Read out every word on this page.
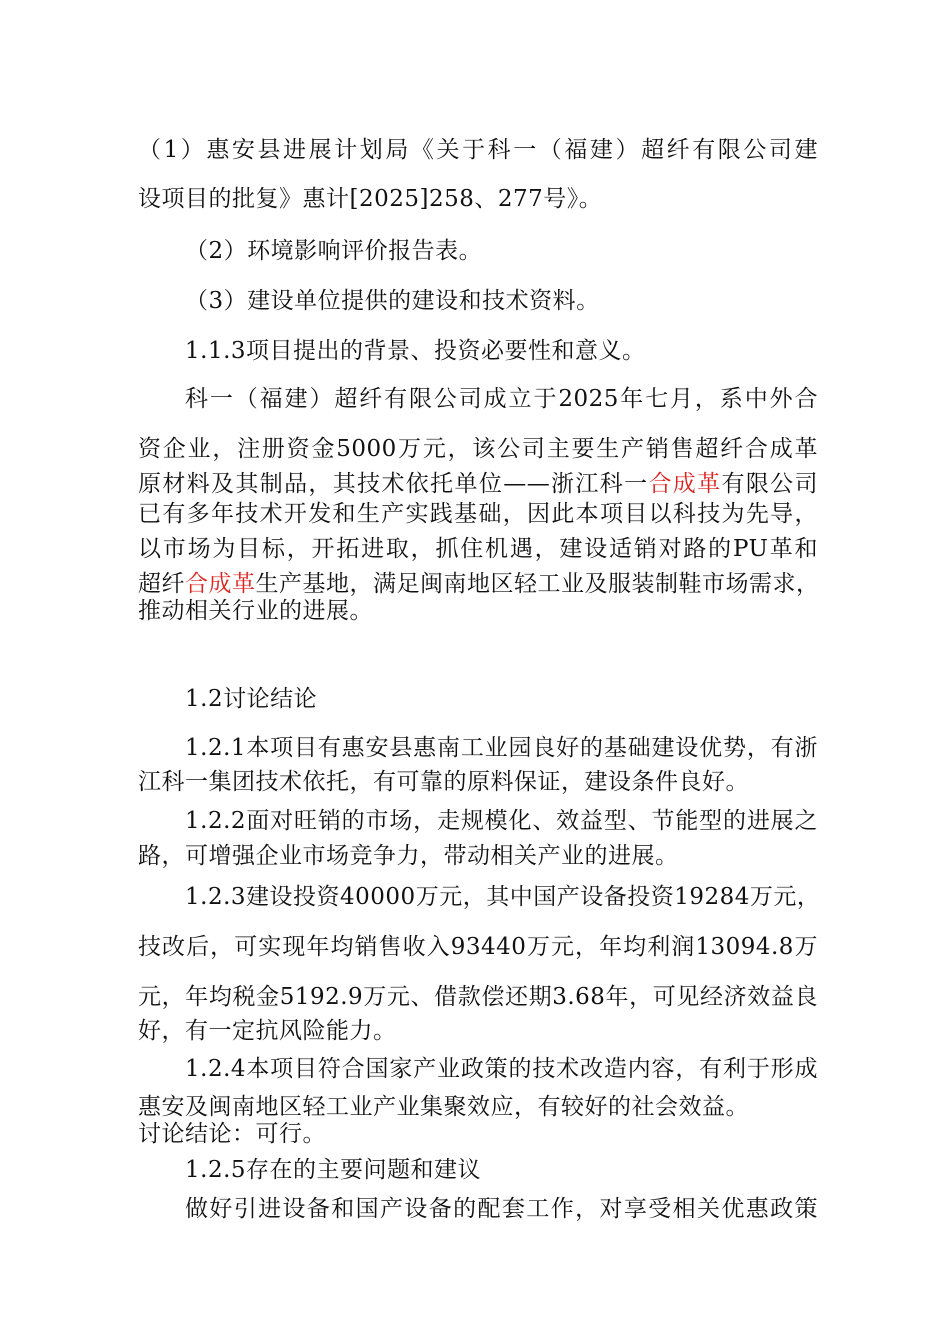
（1）惠安县进展计划局《关于科一（福建）超纤有限公司建
设项目的批复》惠计[2025]258、277号》。
（2）环境影响评价报告表。
（3）建设单位提供的建设和技术资料。
1.1.3项目提出的背景、投资必要性和意义。
科一（福建）超纤有限公司成立于2025年七月，系中外合
资企业，注册资金5000万元，该公司主要生产销售超纤合成革
原材料及其制品，其技术依托单位——浙江科一合成革有限公司
已有多年技术开发和生产实践基础，因此本项目以科技为先导，
以市场为目标，开拓进取，抓住机遇，建设适销对路的PU革和
超纤合成革生产基地，满足闽南地区轻工业及服装制鞋市场需求，
推动相关行业的进展。
1.2讨论结论
1.2.1本项目有惠安县惠南工业园良好的基础建设优势，有浙
江科一集团技术依托，有可靠的原料保证，建设条件良好。
1.2.2面对旺销的市场，走规模化、效益型、节能型的进展之
路，可增强企业市场竞争力，带动相关产业的进展。
1.2.3建设投资40000万元，其中国产设备投资19284万元，
技改后，可实现年均销售收入93440万元，年均利润13094.8万
元，年均税金5192.9万元、借款偿还期3.68年，可见经济效益良
好，有一定抗风险能力。
1.2.4本项目符合国家产业政策的技术改造内容，有利于形成
惠安及闽南地区轻工业产业集聚效应，有较好的社会效益。
讨论结论：可行。
1.2.5存在的主要问题和建议
做好引进设备和国产设备的配套工作，对享受相关优惠政策
